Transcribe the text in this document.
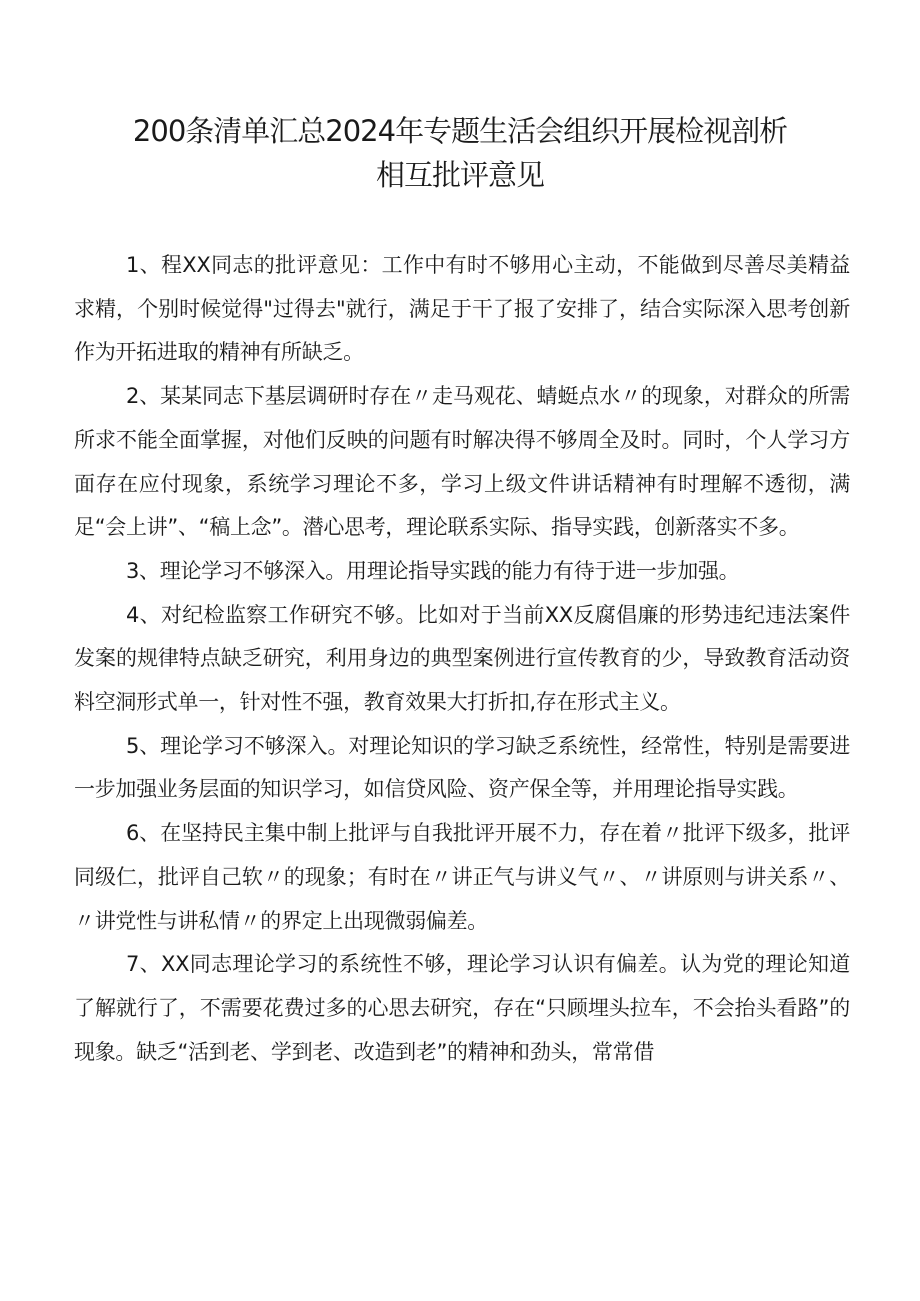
200条清单汇总2024年专题生活会组织开展检视剖析
相互批评意见

1、程XX同志的批评意见：工作中有时不够用心主动，不能做到尽善尽美精益求精，个别时候觉得"过得去"就行，满足于干了报了安排了，结合实际深入思考创新作为开拓进取的精神有所缺乏。

2、某某同志下基层调研时存在〃走马观花、蜻蜓点水〃的现象，对群众的所需所求不能全面掌握，对他们反映的问题有时解决得不够周全及时。同时，个人学习方面存在应付现象，系统学习理论不多，学习上级文件讲话精神有时理解不透彻，满足“会上讲”、“稿上念”。潜心思考，理论联系实际、指导实践，创新落实不多。

3、理论学习不够深入。用理论指导实践的能力有待于进一步加强。

4、对纪检监察工作研究不够。比如对于当前XX反腐倡廉的形势违纪违法案件发案的规律特点缺乏研究，利用身边的典型案例进行宣传教育的少，导致教育活动资料空洞形式单一，针对性不强，教育效果大打折扣,存在形式主义。

5、理论学习不够深入。对理论知识的学习缺乏系统性，经常性，特别是需要进一步加强业务层面的知识学习，如信贷风险、资产保全等，并用理论指导实践。

6、在坚持民主集中制上批评与自我批评开展不力，存在着〃批评下级多，批评同级仁，批评自己软〃的现象；有时在〃讲正气与讲义气〃、〃讲原则与讲关系〃、〃讲党性与讲私情〃的界定上出现微弱偏差。

7、XX同志理论学习的系统性不够，理论学习认识有偏差。认为党的理论知道了解就行了，不需要花费过多的心思去研究，存在“只顾埋头拉车，不会抬头看路”的现象。缺乏“活到老、学到老、改造到老”的精神和劲头，常常借
